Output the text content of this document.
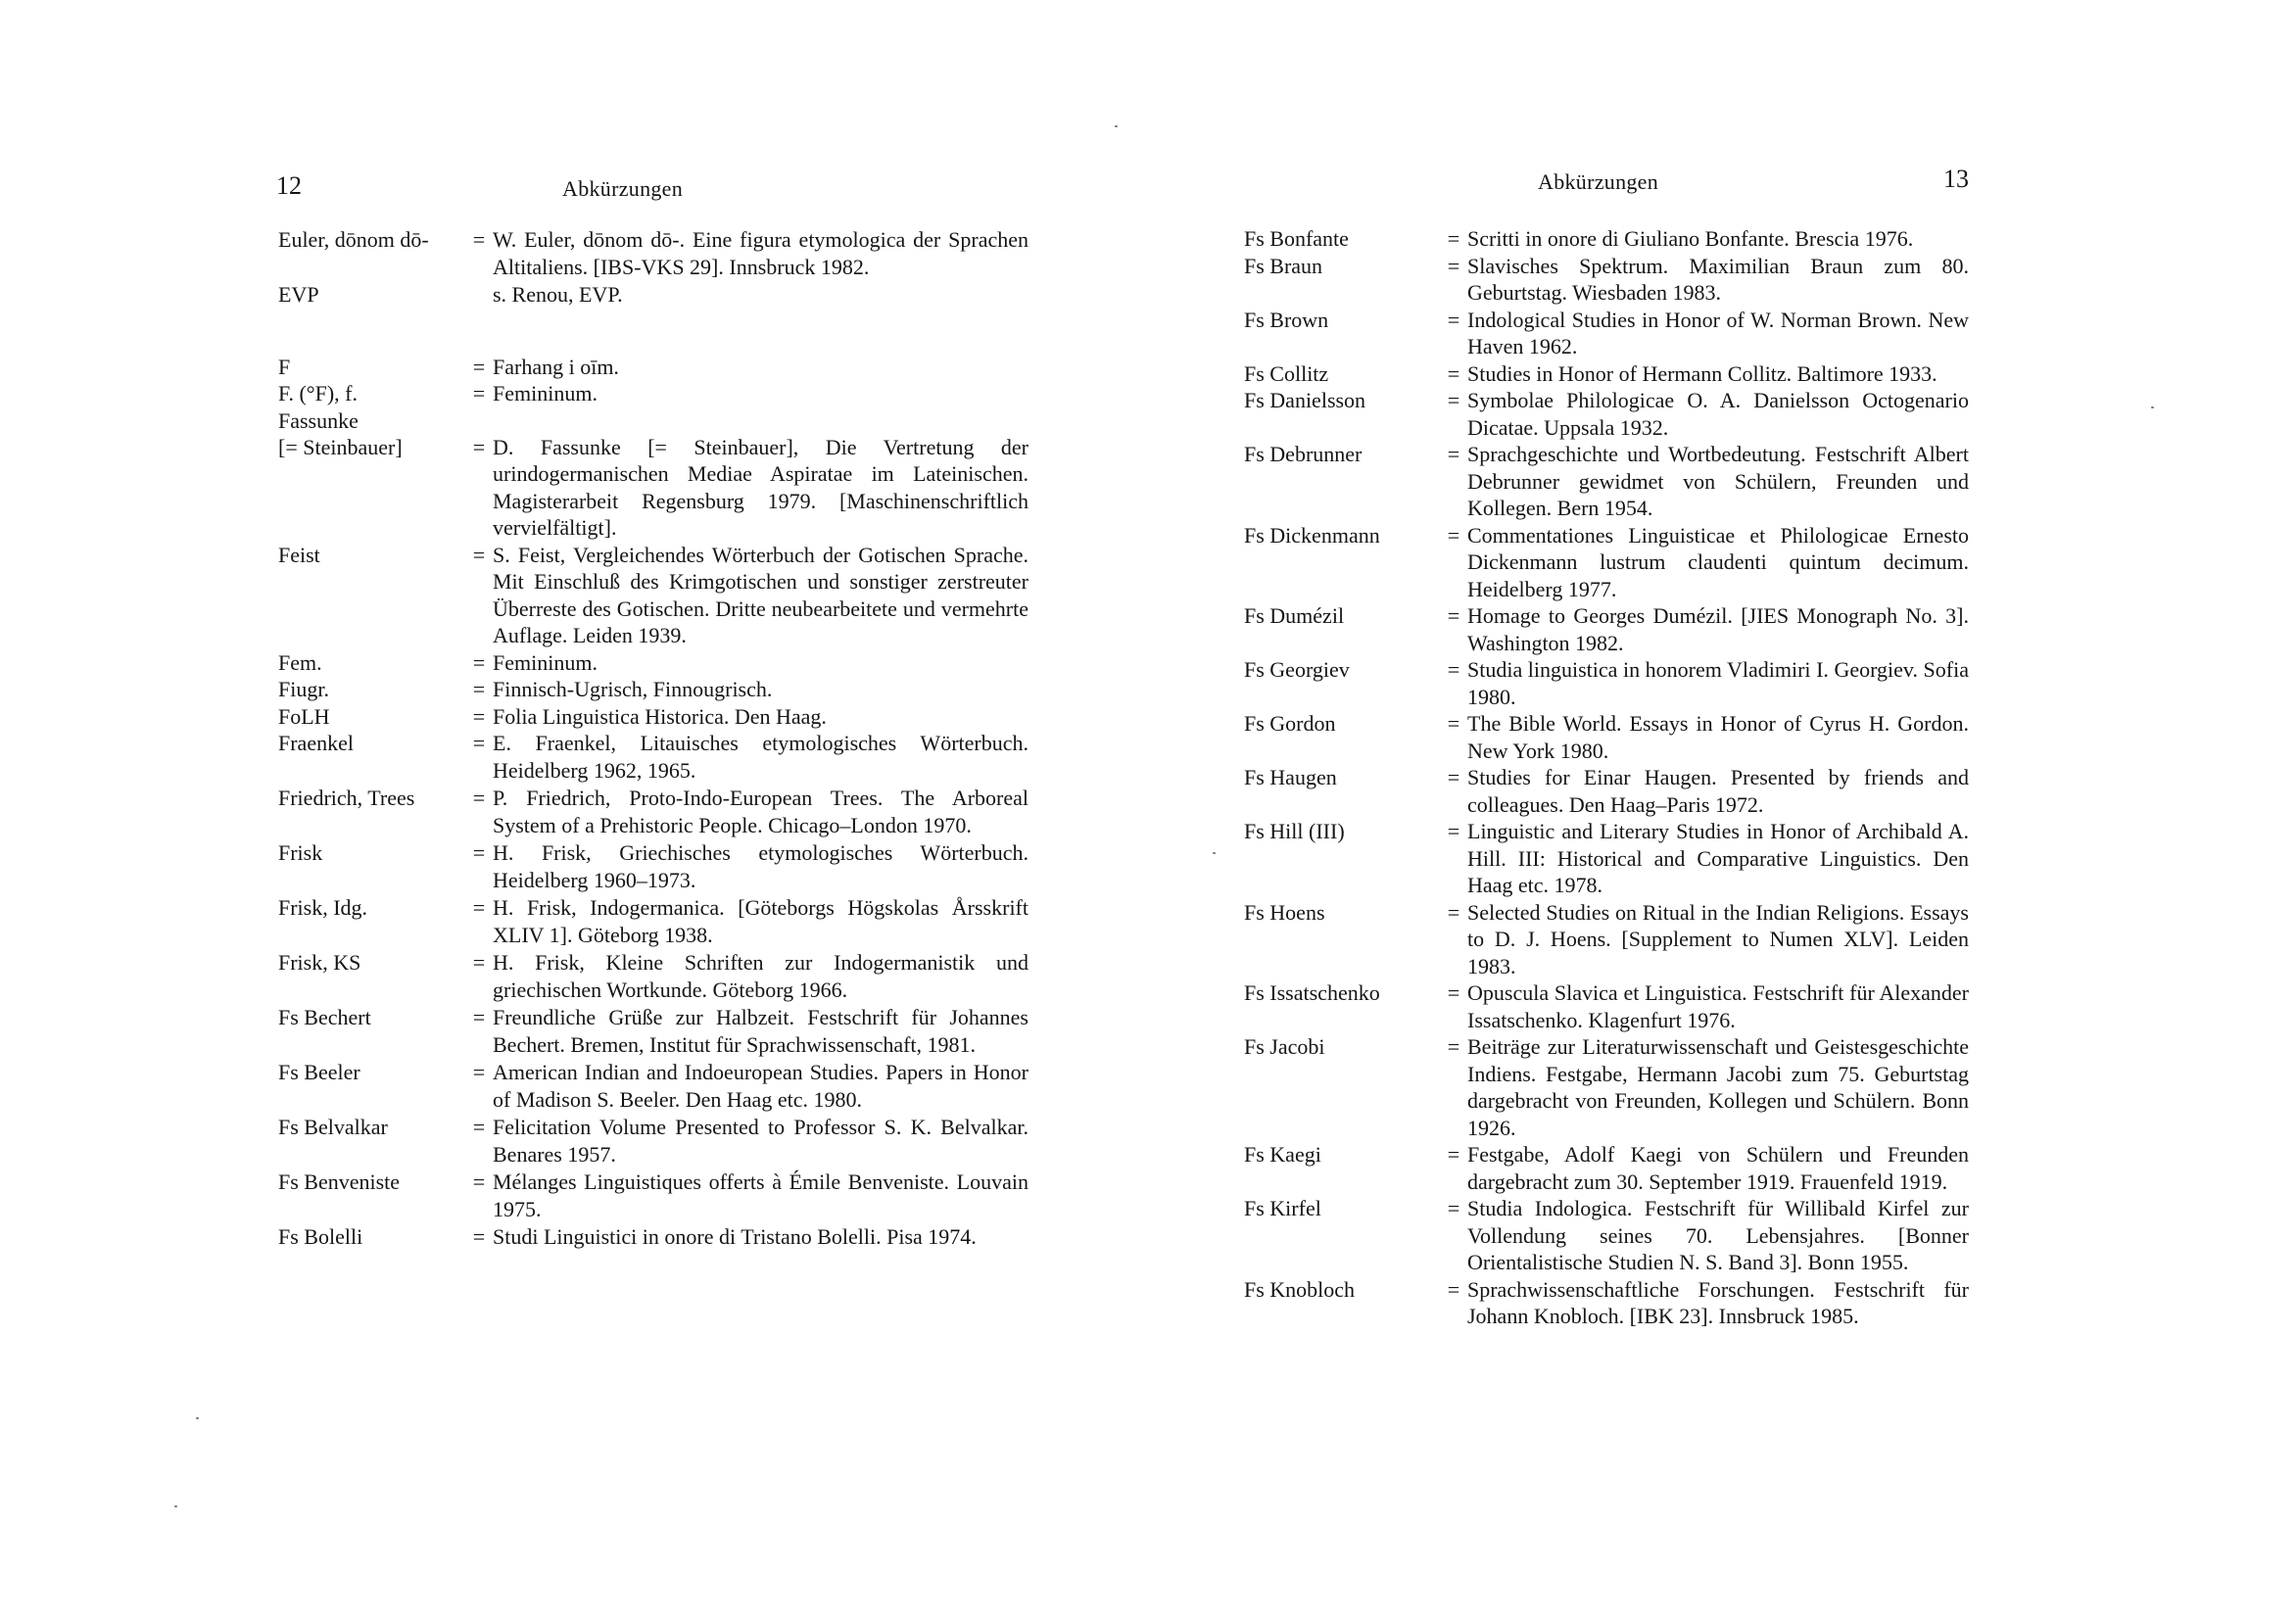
12	Abkürzungen
Euler, dōnom dō-	= W. Euler, dōnom dō-. Eine figura etymologica der Sprachen Altitaliens. [IBS-VKS 29]. Innsbruck 1982.
EVP	s. Renou, EVP.
F	= Farhang i oīm.
F. (°F), f.	= Femininum.
Fassunke
[= Steinbauer]	= D. Fassunke [= Steinbauer], Die Vertretung der urindogermanischen Mediae Aspiratae im Lateinischen. Magisterarbeit Regensburg 1979. [Maschinenschriftlich vervielfältigt].
Feist	= S. Feist, Vergleichendes Wörterbuch der Gotischen Sprache. Mit Einschluß des Krimgotischen und sonstiger zerstreuter Überreste des Gotischen. Dritte neubearbeitete und vermehrte Auflage. Leiden 1939.
Fem.	= Femininum.
Fiugr.	= Finnisch-Ugrisch, Finnougrisch.
FoLH	= Folia Linguistica Historica. Den Haag.
Fraenkel	= E. Fraenkel, Litauisches etymologisches Wörterbuch. Heidelberg 1962, 1965.
Friedrich, Trees	= P. Friedrich, Proto-Indo-European Trees. The Arboreal System of a Prehistoric People. Chicago–London 1970.
Frisk	= H. Frisk, Griechisches etymologisches Wörterbuch. Heidelberg 1960–1973.
Frisk, Idg.	= H. Frisk, Indogermanica. [Göteborgs Högskolas Årsskrift XLIV 1]. Göteborg 1938.
Frisk, KS	= H. Frisk, Kleine Schriften zur Indogermanistik und griechischen Wortkunde. Göteborg 1966.
Fs Bechert	= Freundliche Grüße zur Halbzeit. Festschrift für Johannes Bechert. Bremen, Institut für Sprachwissenschaft, 1981.
Fs Beeler	= American Indian and Indoeuropean Studies. Papers in Honor of Madison S. Beeler. Den Haag etc. 1980.
Fs Belvalkar	= Felicitation Volume Presented to Professor S. K. Belvalkar. Benares 1957.
Fs Benveniste	= Mélanges Linguistiques offerts à Émile Benveniste. Louvain 1975.
Fs Bolelli	= Studi Linguistici in onore di Tristano Bolelli. Pisa 1974.
Abkürzungen	13
Fs Bonfante	= Scritti in onore di Giuliano Bonfante. Brescia 1976.
Fs Braun	= Slavisches Spektrum. Maximilian Braun zum 80. Geburtstag. Wiesbaden 1983.
Fs Brown	= Indological Studies in Honor of W. Norman Brown. New Haven 1962.
Fs Collitz	= Studies in Honor of Hermann Collitz. Baltimore 1933.
Fs Danielsson	= Symbolae Philologicae O. A. Danielsson Octogenario Dicatae. Uppsala 1932.
Fs Debrunner	= Sprachgeschichte und Wortbedeutung. Festschrift Albert Debrunner gewidmet von Schülern, Freunden und Kollegen. Bern 1954.
Fs Dickenmann	= Commentationes Linguisticae et Philologicae Ernesto Dickenmann lustrum claudenti quintum decimum. Heidelberg 1977.
Fs Dumézil	= Homage to Georges Dumézil. [JIES Monograph No. 3]. Washington 1982.
Fs Georgiev	= Studia linguistica in honorem Vladimiri I. Georgiev. Sofia 1980.
Fs Gordon	= The Bible World. Essays in Honor of Cyrus H. Gordon. New York 1980.
Fs Haugen	= Studies for Einar Haugen. Presented by friends and colleagues. Den Haag–Paris 1972.
Fs Hill (III)	= Linguistic and Literary Studies in Honor of Archibald A. Hill. III: Historical and Comparative Linguistics. Den Haag etc. 1978.
Fs Hoens	= Selected Studies on Ritual in the Indian Religions. Essays to D. J. Hoens. [Supplement to Numen XLV]. Leiden 1983.
Fs Issatschenko	= Opuscula Slavica et Linguistica. Festschrift für Alexander Issatschenko. Klagenfurt 1976.
Fs Jacobi	= Beiträge zur Literaturwissenschaft und Geistesgeschichte Indiens. Festgabe, Hermann Jacobi zum 75. Geburtstag dargebracht von Freunden, Kollegen und Schülern. Bonn 1926.
Fs Kaegi	= Festgabe, Adolf Kaegi von Schülern und Freunden dargebracht zum 30. September 1919. Frauenfeld 1919.
Fs Kirfel	= Studia Indologica. Festschrift für Willibald Kirfel zur Vollendung seines 70. Lebensjahres. [Bonner Orientalistische Studien N. S. Band 3]. Bonn 1955.
Fs Knobloch	= Sprachwissenschaftliche Forschungen. Festschrift für Johann Knobloch. [IBK 23]. Innsbruck 1985.
